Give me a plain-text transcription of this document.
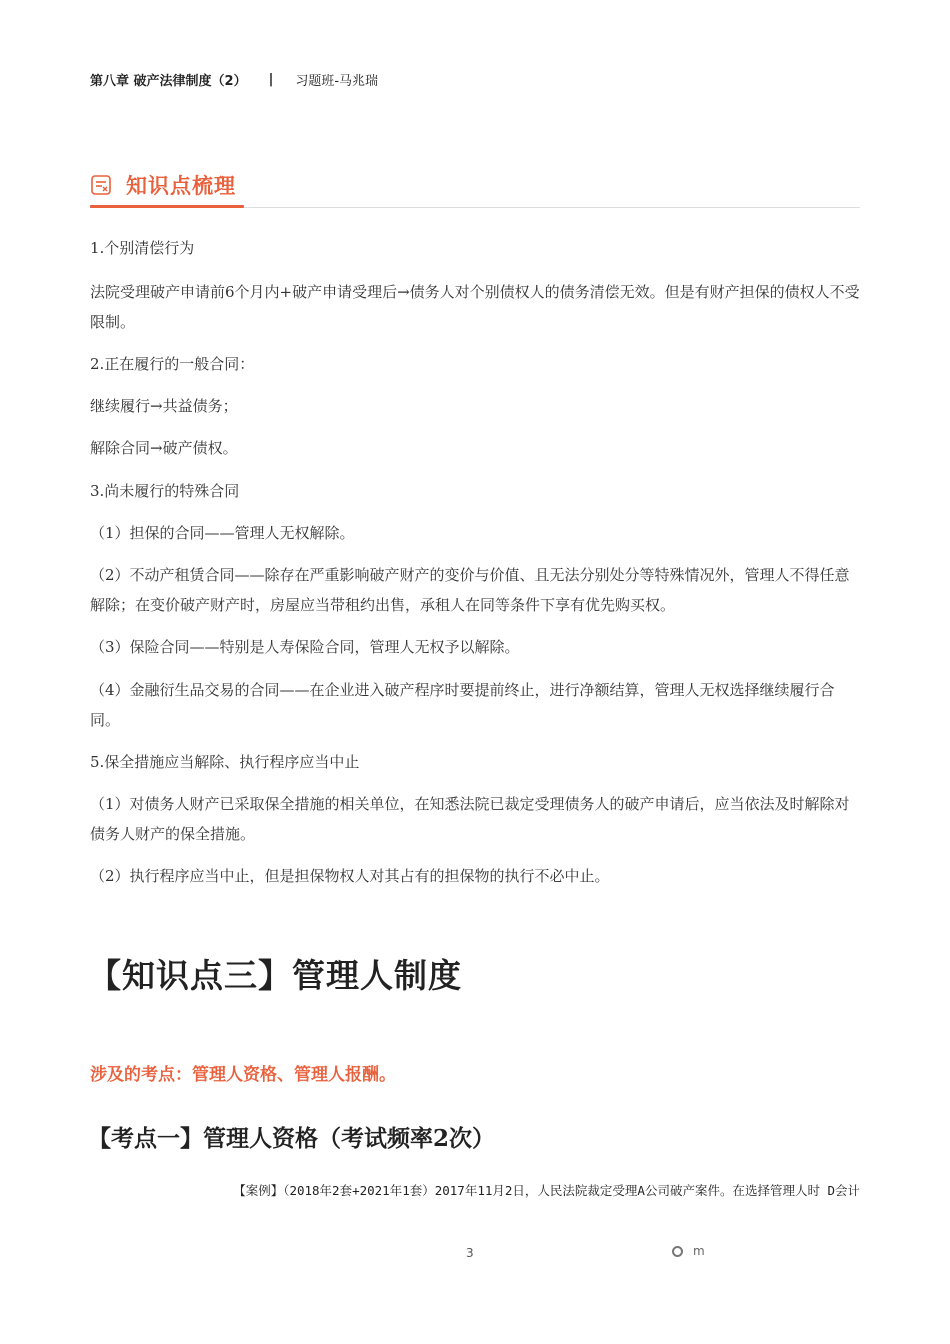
第八章 破产法律制度（2） | 习题班-马兆瑞
知识点梳理
1.个别清偿行为
法院受理破产申请前6个月内+破产申请受理后→债务人对个别债权人的债务清偿无效。但是有财产担保的债权人不受限制。
2.正在履行的一般合同：
继续履行→共益债务；
解除合同→破产债权。
3.尚未履行的特殊合同
（1）担保的合同——管理人无权解除。
（2）不动产租赁合同——除存在严重影响破产财产的变价与价值、且无法分别处分等特殊情况外，管理人不得任意解除；在变价破产财产时，房屋应当带租约出售，承租人在同等条件下享有优先购买权。
（3）保险合同——特别是人寿保险合同，管理人无权予以解除。
（4）金融衍生品交易的合同——在企业进入破产程序时要提前终止，进行净额结算，管理人无权选择继续履行合同。
5.保全措施应当解除、执行程序应当中止
（1）对债务人财产已采取保全措施的相关单位，在知悉法院已裁定受理债务人的破产申请后，应当依法及时解除对债务人财产的保全措施。
（2）执行程序应当中止，但是担保物权人对其占有的担保物的执行不必中止。
【知识点三】管理人制度
涉及的考点：管理人资格、管理人报酬。
【考点一】管理人资格（考试频率2次）
【案例】（2018年2套+2021年1套）2017年11月2日，人民法院裁定受理A公司破产案件。在选择管理人时 D会计
3	m
